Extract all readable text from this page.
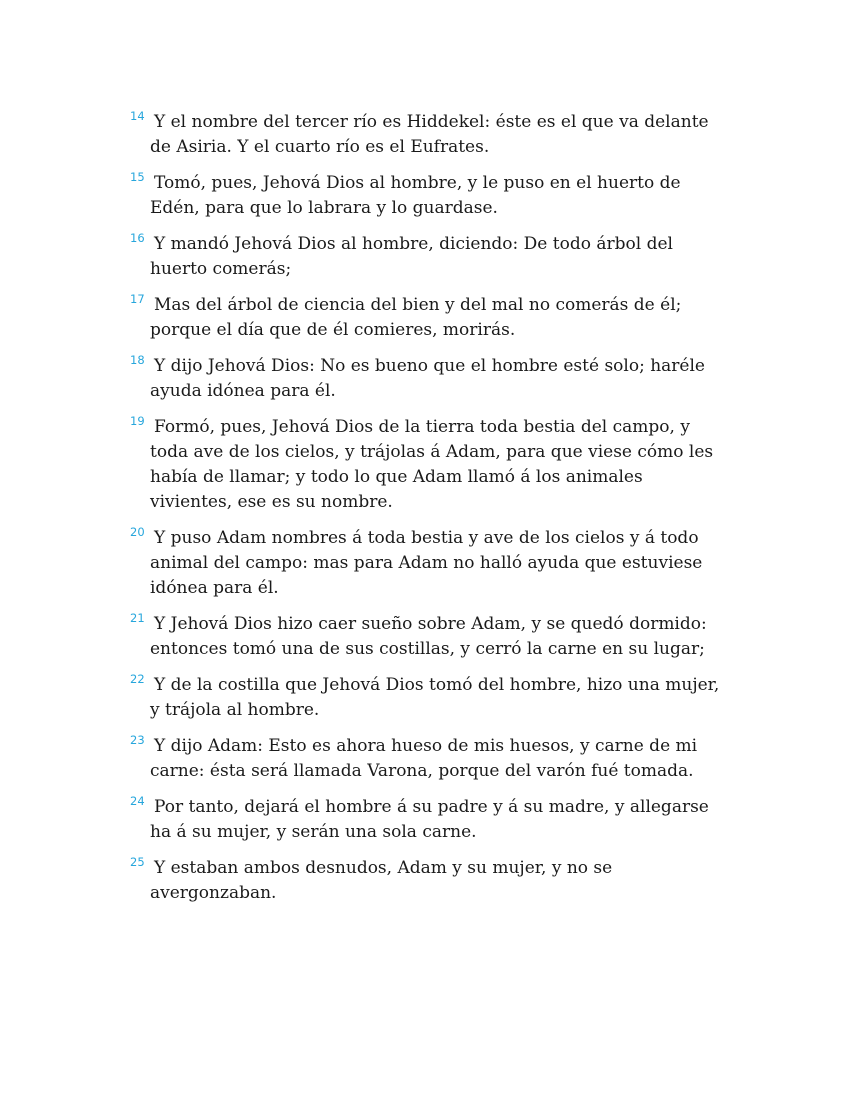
14 Y el nombre del tercer río es Hiddekel: éste es el que va delante de Asiria. Y el cuarto río es el Eufrates.
15 Tomó, pues, Jehová Dios al hombre, y le puso en el huerto de Edén, para que lo labrara y lo guardase.
16 Y mandó Jehová Dios al hombre, diciendo: De todo árbol del huerto comerás;
17 Mas del árbol de ciencia del bien y del mal no comerás de él; porque el día que de él comieres, morirás.
18 Y dijo Jehová Dios: No es bueno que el hombre esté solo; haréle ayuda idónea para él.
19 Formó, pues, Jehová Dios de la tierra toda bestia del campo, y toda ave de los cielos, y trájolas á Adam, para que viese cómo les había de llamar; y todo lo que Adam llamó á los animales vivientes, ese es su nombre.
20 Y puso Adam nombres á toda bestia y ave de los cielos y á todo animal del campo: mas para Adam no halló ayuda que estuviese idónea para él.
21 Y Jehová Dios hizo caer sueño sobre Adam, y se quedó dormido: entonces tomó una de sus costillas, y cerró la carne en su lugar;
22 Y de la costilla que Jehová Dios tomó del hombre, hizo una mujer, y trájola al hombre.
23 Y dijo Adam: Esto es ahora hueso de mis huesos, y carne de mi carne: ésta será llamada Varona, porque del varón fué tomada.
24 Por tanto, dejará el hombre á su padre y á su madre, y allegarse ha á su mujer, y serán una sola carne.
25 Y estaban ambos desnudos, Adam y su mujer, y no se avergonzaban.
